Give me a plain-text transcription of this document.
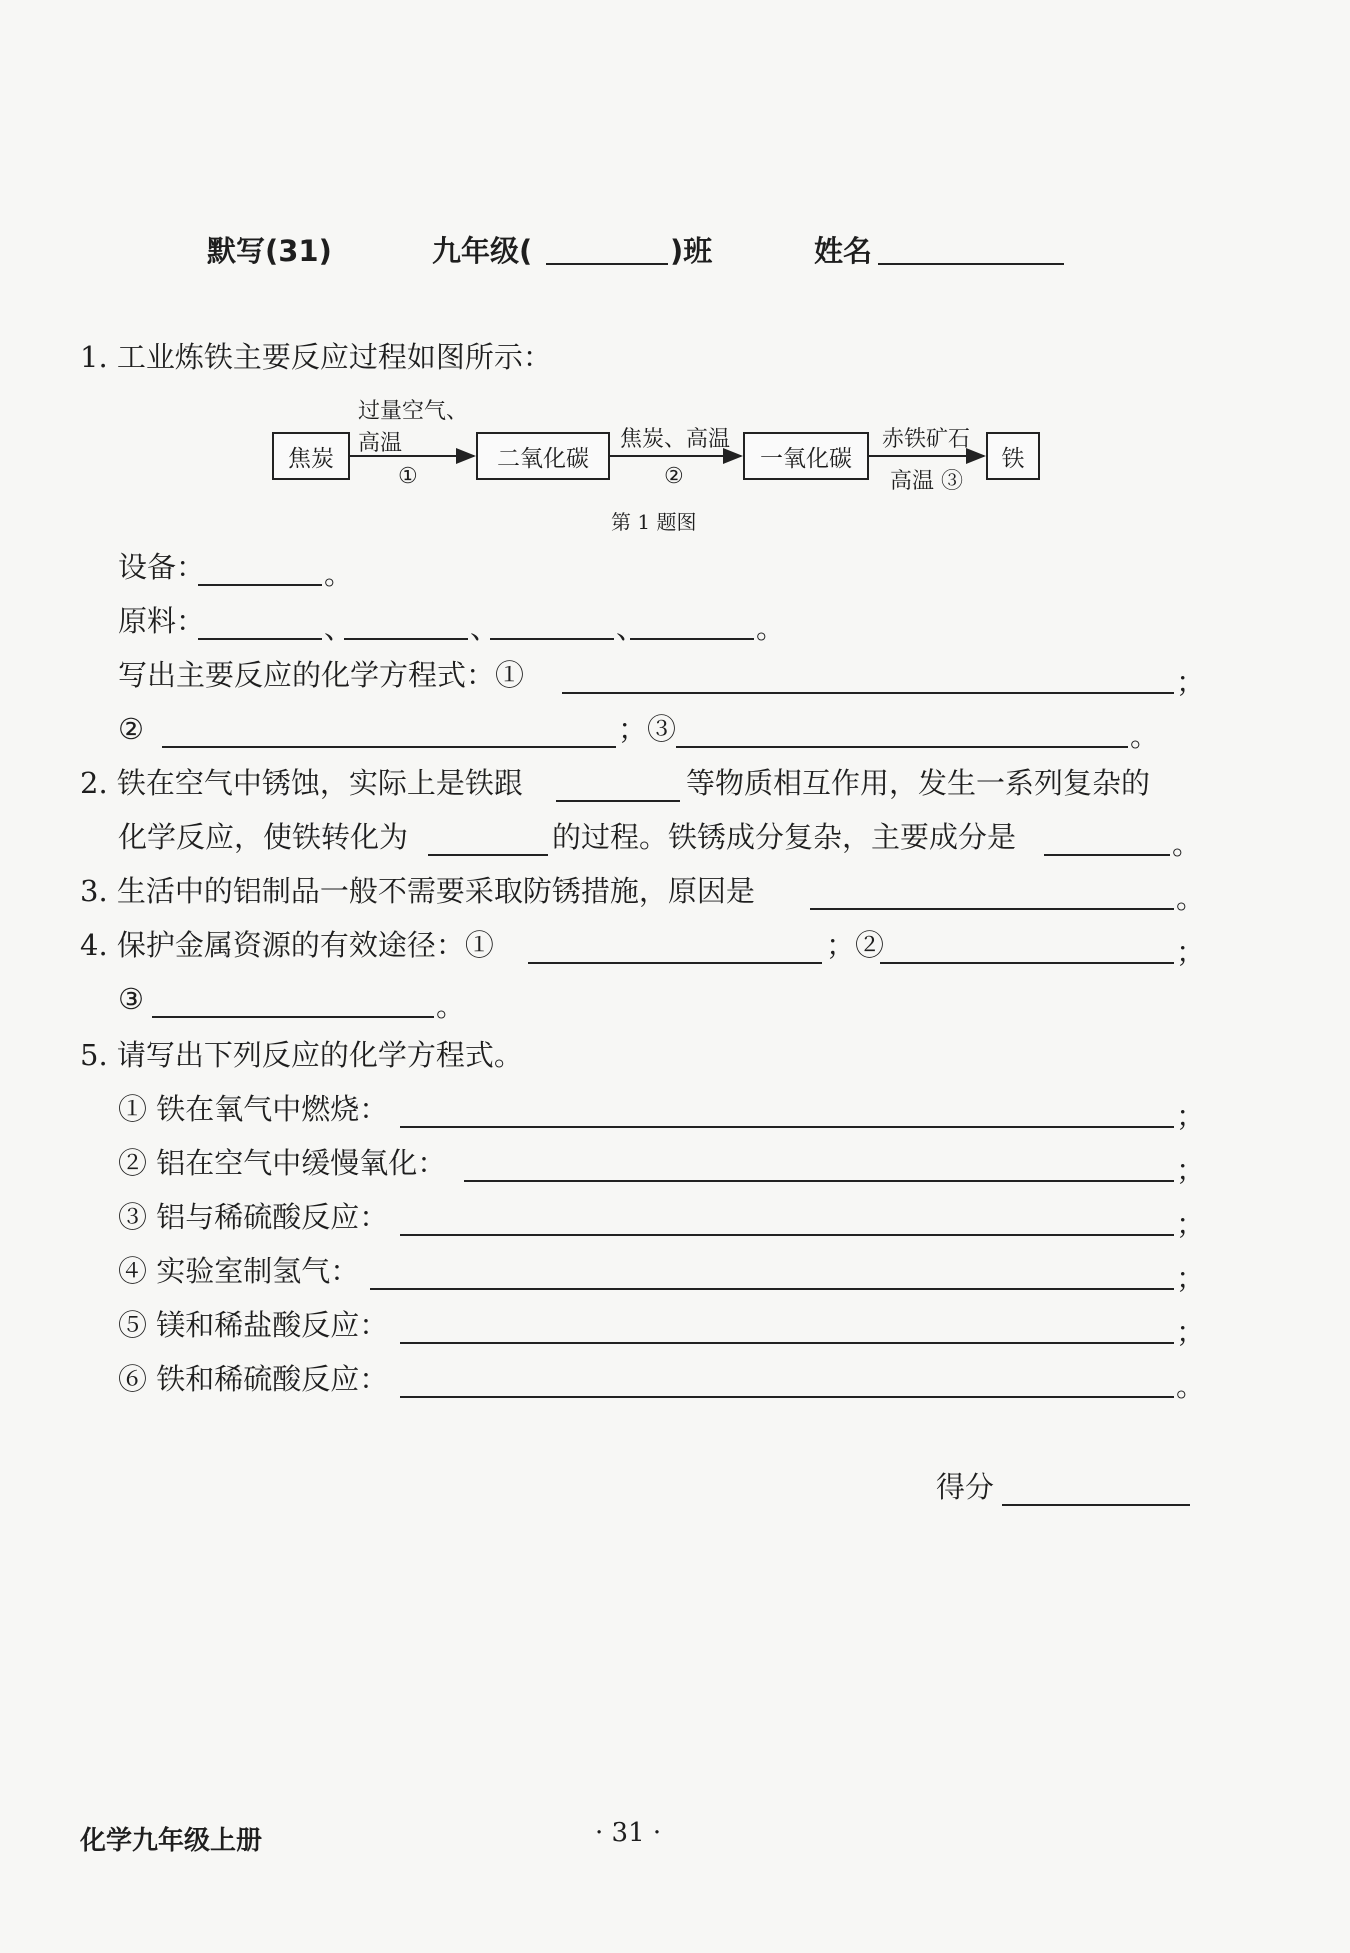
默写(31)	九年级(	)班	姓名
1. 工业炼铁主要反应过程如图所示：
焦炭	二氧化碳	一氧化碳	铁
过量空气、
高温
①
焦炭、高温
②
赤铁矿石
高温 ③
第 1 题图
设备：	。
原料：	、	、	、	。
写出主要反应的化学方程式：①	；
②	；③	。
2. 铁在空气中锈蚀，实际上是铁跟	等物质相互作用，发生一系列复杂的
化学反应，使铁转化为	的过程。铁锈成分复杂，主要成分是	。
3. 生活中的铝制品一般不需要采取防锈措施，原因是	。
4. 保护金属资源的有效途径：①	；②	；
③	。
5. 请写出下列反应的化学方程式。
① 铁在氧气中燃烧：	；
② 铝在空气中缓慢氧化：	；
③ 铝与稀硫酸反应：	；
④ 实验室制氢气：	；
⑤ 镁和稀盐酸反应：	；
⑥ 铁和稀硫酸反应：	。
得分
化学九年级上册	· 31 ·
